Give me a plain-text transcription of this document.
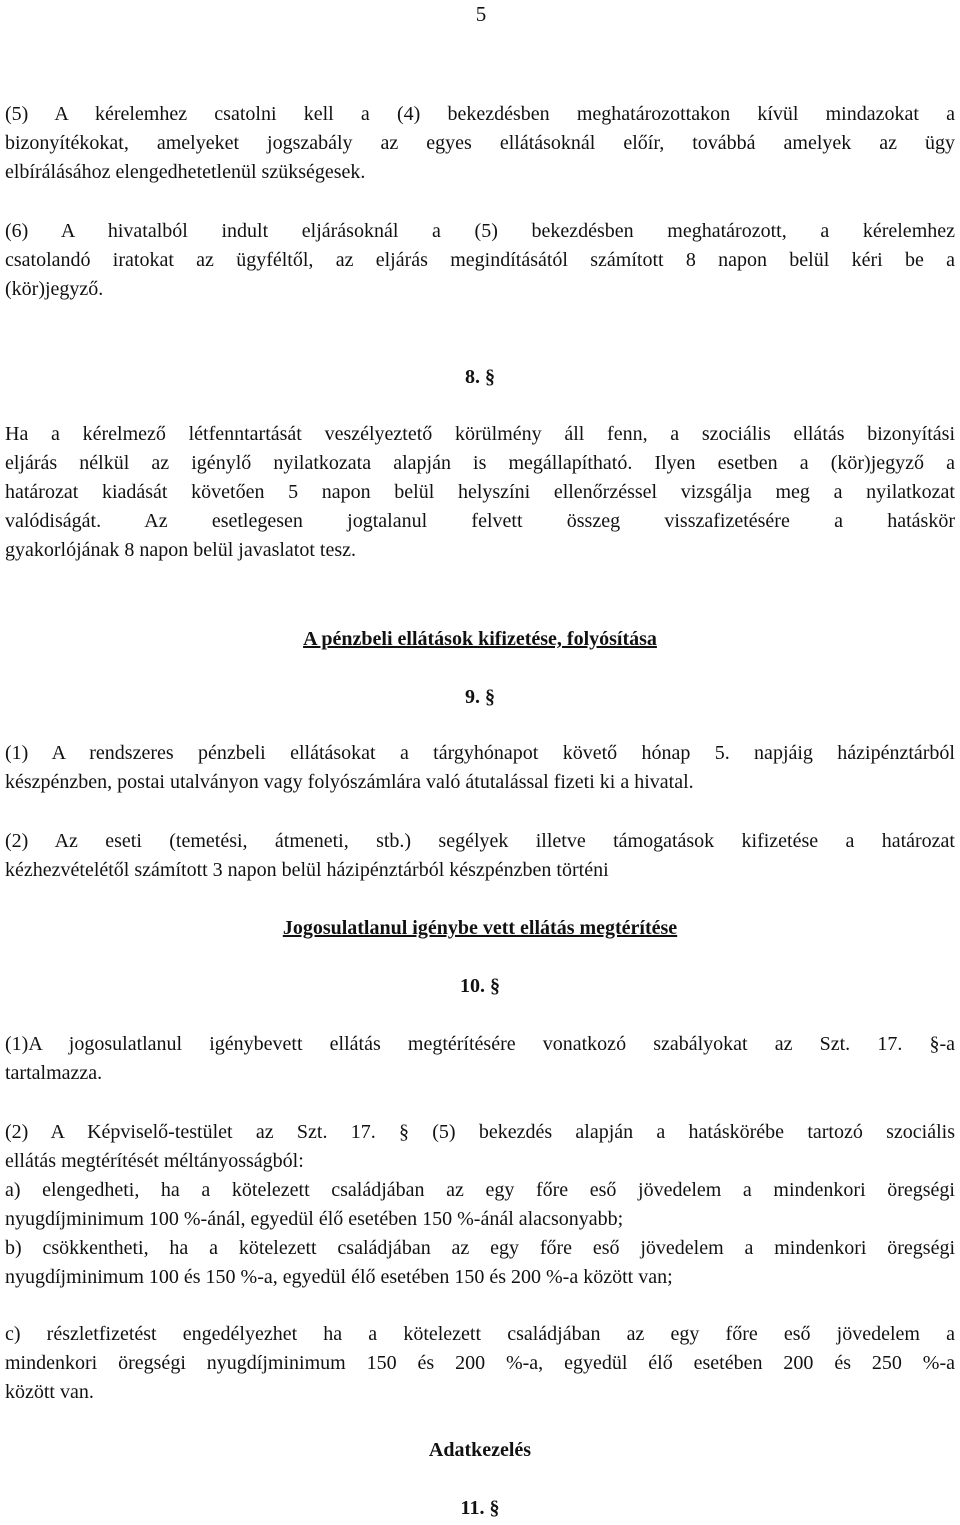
5
(5) A kérelemhez csatolni kell a (4) bekezdésben meghatározottakon kívül mindazokat a
bizonyítékokat, amelyeket jogszabály az egyes ellátásoknál előír, továbbá amelyek az ügy
elbírálásához elengedhetetlenül szükségesek.
(6) A hivatalból indult eljárásoknál a (5) bekezdésben meghatározott, a kérelemhez
csatolandó iratokat az ügyféltől, az eljárás megindításától számított 8 napon belül kéri be a
(kör)jegyző.
8. §
Ha a kérelmező létfenntartását veszélyeztető körülmény áll fenn, a szociális ellátás bizonyítási
eljárás nélkül az igénylő nyilatkozata alapján is megállapítható. Ilyen esetben a (kör)jegyző a
határozat kiadását követően 5 napon belül helyszíni ellenőrzéssel vizsgálja meg a nyilatkozat
valódiságát. Az esetlegesen jogtalanul felvett összeg visszafizetésére a hatáskör
gyakorlójának 8 napon belül javaslatot tesz.
A pénzbeli ellátások kifizetése, folyósítása
9. §
(1) A rendszeres pénzbeli ellátásokat a tárgyhónapot követő hónap 5. napjáig házipénztárból
készpénzben, postai utalványon vagy folyószámlára való átutalással fizeti ki a hivatal.
(2) Az eseti (temetési, átmeneti, stb.) segélyek illetve támogatások kifizetése a határozat
kézhezvételétől számított 3 napon belül házipénztárból készpénzben történi
Jogosulatlanul igénybe vett ellátás megtérítése
10. §
(1)A jogosulatlanul igénybevett ellátás megtérítésére vonatkozó szabályokat az Szt. 17. §-a
tartalmazza.
(2) A Képviselő-testület az Szt. 17. § (5) bekezdés alapján a hatáskörébe tartozó szociális
ellátás megtérítését méltányosságból:
a) elengedheti, ha a kötelezett családjában az egy főre eső jövedelem a mindenkori öregségi
nyugdíjminimum 100 %-ánál, egyedül élő esetében 150 %-ánál alacsonyabb;
b) csökkentheti, ha a kötelezett családjában az egy főre eső jövedelem a mindenkori öregségi
nyugdíjminimum 100 és 150 %-a, egyedül élő esetében 150 és 200 %-a között van;
c) részletfizetést engedélyezhet ha a kötelezett családjában az egy főre eső jövedelem a
mindenkori öregségi nyugdíjminimum 150 és 200 %-a, egyedül élő esetében 200 és 250 %-a
között van.
Adatkezelés
11. §
